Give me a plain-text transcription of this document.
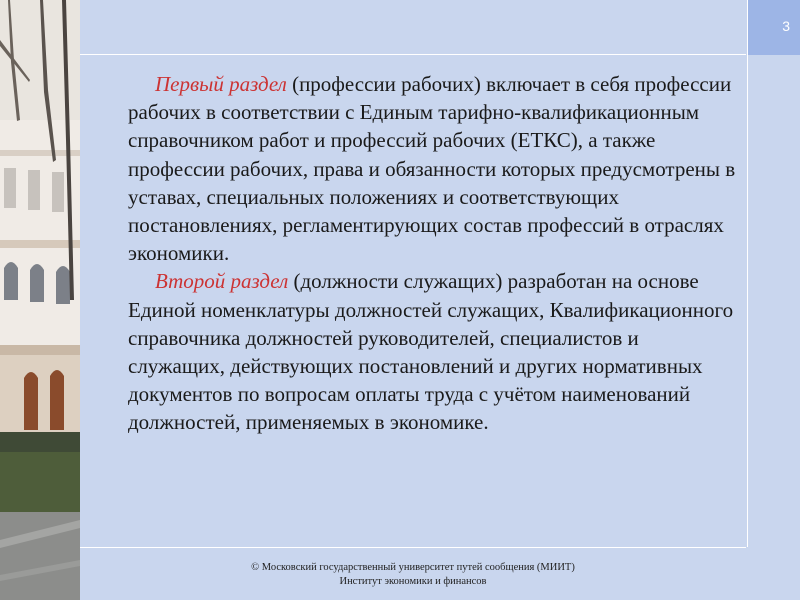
3

Первый раздел (профессии рабочих) включает в себя профессии рабочих в соответствии с Единым тарифно-квалификационным справочником работ и профессий рабочих (ЕТКС), а также профессии рабочих, права и обязанности которых предусмотрены в уставах, специальных положениях и соответствующих постановлениях, регламентирующих состав профессий в отраслях экономики.

Второй раздел (должности служащих) разработан на основе Единой номенклатуры должностей служащих, Квалификационного справочника должностей руководителей, специалистов и служащих, действующих постановлений и других нормативных документов по вопросам оплаты труда с учётом наименований должностей, применяемых в экономике.

© Московский государственный университет путей сообщения (МИИТ)
Институт экономики и финансов
